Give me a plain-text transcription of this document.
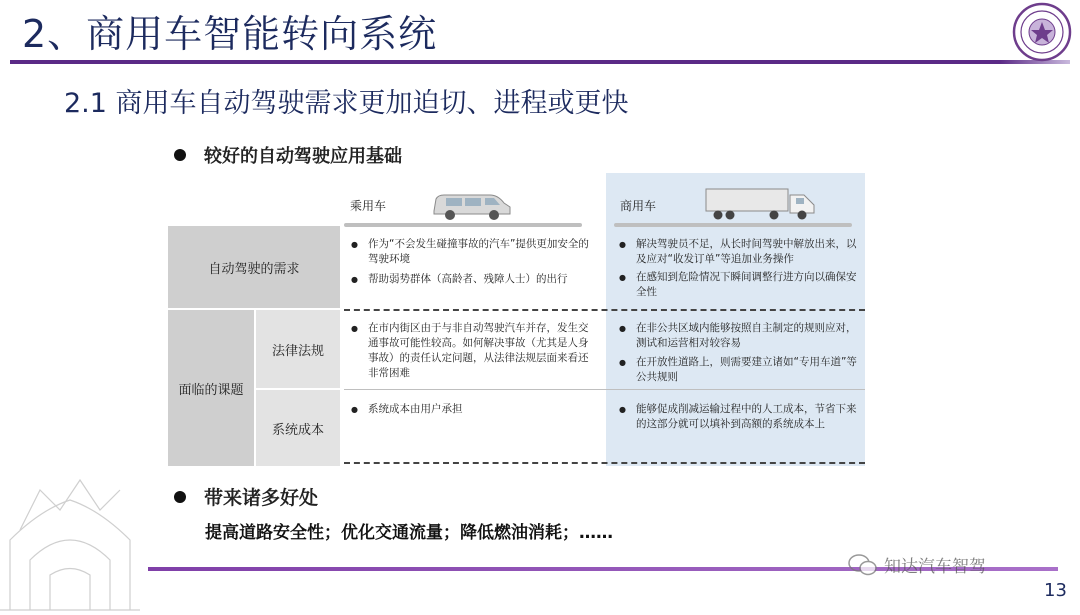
2、商用车智能转向系统
2.1 商用车自动驾驶需求更加迫切、进程或更快
较好的自动驾驶应用基础
乘用车	商用车
自动驾驶的需求
面临的课题
法律法规
系统成本
● 作为“不会发生碰撞事故的汽车”提供更加安全的驾驶环境
● 帮助弱势群体（高龄者、残障人士）的出行
● 解决驾驶员不足，从长时间驾驶中解放出来，以及应对“收发订单”等追加业务操作
● 在感知到危险情况下瞬间调整行进方向以确保安全性
● 在市内街区由于与非自动驾驶汽车并存，发生交通事故可能性较高。如何解决事故（尤其是人身事故）的责任认定问题，从法律法规层面来看还非常困难
● 在非公共区域内能够按照自主制定的规则应对，测试和运营相对较容易
● 在开放性道路上，则需要建立诸如“专用车道”等公共规则
● 系统成本由用户承担
●	能够促成削减运输过程中的人工成本，节省下来的这部分就可以填补到高额的系统成本上
带来诸多好处
提高道路安全性；优化交通流量；降低燃油消耗；……
知达汽车智驾
13
